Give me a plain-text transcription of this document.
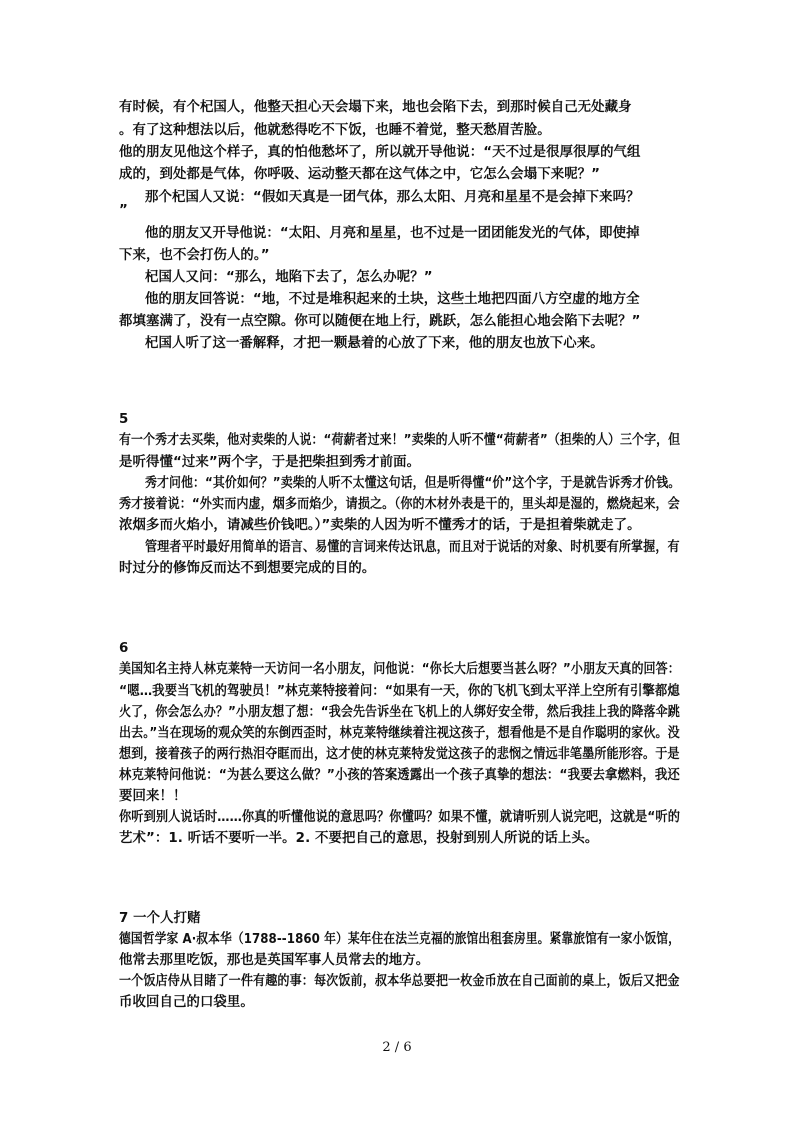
有时候，有个杞国人，他整天担心天会塌下来，地也会陷下去，到那时候自己无处藏身
。有了这种想法以后，他就愁得吃不下饭，也睡不着觉，整天愁眉苦脸。
他的朋友见他这个样子，真的怕他愁坏了，所以就开导他说：“天不过是很厚很厚的气组
成的，到处都是气体，你呼吸、运动整天都在这气体之中，它怎么会塌下来呢？”
那个杞国人又说：“假如天真是一团气体，那么太阳、月亮和星星不是会掉下来吗？
”
他的朋友又开导他说：“太阳、月亮和星星，也不过是一团团能发光的气体，即使掉
下来，也不会打伤人的。”
杞国人又问：“那么，地陷下去了，怎么办呢？”
他的朋友回答说：“地，不过是堆积起来的土块，这些土地把四面八方空虚的地方全
都填塞满了，没有一点空隙。你可以随便在地上行，跳跃，怎么能担心地会陷下去呢？”
杞国人听了这一番解释，才把一颗悬着的心放了下来，他的朋友也放下心来。
5
有一个秀才去买柴，他对卖柴的人说：“荷薪者过来！”卖柴的人听不懂“荷薪者”（担柴的人）三个字，但
是听得懂“过来”两个字，于是把柴担到秀才前面。
秀才问他：“其价如何？”卖柴的人听不太懂这句话，但是听得懂“价”这个字，于是就告诉秀才价钱。
秀才接着说：“外实而内虚，烟多而焰少，请损之。（你的木材外表是干的，里头却是湿的，燃烧起来，会
浓烟多而火焰小，请减些价钱吧。）”卖柴的人因为听不懂秀才的话，于是担着柴就走了。
管理者平时最好用简单的语言、易懂的言词来传达讯息，而且对于说话的对象、时机要有所掌握，有
时过分的修饰反而达不到想要完成的目的。
6
美国知名主持人林克莱特一天访问一名小朋友，问他说：“你长大后想要当甚么呀？”小朋友天真的回答：
“嗯…我要当飞机的驾驶员！”林克莱特接着问：“如果有一天，你的飞机飞到太平洋上空所有引擎都熄
火了，你会怎么办？”小朋友想了想：“我会先告诉坐在飞机上的人绑好安全带，然后我挂上我的降落伞跳
出去。”当在现场的观众笑的东倒西歪时，林克莱特继续着注视这孩子，想看他是不是自作聪明的家伙。没
想到，接着孩子的两行热泪夺眶而出，这才使的林克莱特发觉这孩子的悲悯之情远非笔墨所能形容。于是
林克莱特问他说：“为甚么要这么做？”小孩的答案透露出一个孩子真挚的想法：“我要去拿燃料，我还
要回来！！
你听到别人说话时……你真的听懂他说的意思吗？你懂吗？如果不懂，就请听别人说完吧，这就是“听的
艺术”：1. 听话不要听一半。2. 不要把自己的意思，投射到别人所说的话上头。
7 一个人打赌
德国哲学家 A·叔本华（1788--1860 年）某年住在法兰克福的旅馆出租套房里。紧靠旅馆有一家小饭馆，
他常去那里吃饭，那也是英国军事人员常去的地方。
一个饭店侍从目睹了一件有趣的事：每次饭前，叔本华总要把一枚金币放在自己面前的桌上，饭后又把金
币收回自己的口袋里。
2 / 6
